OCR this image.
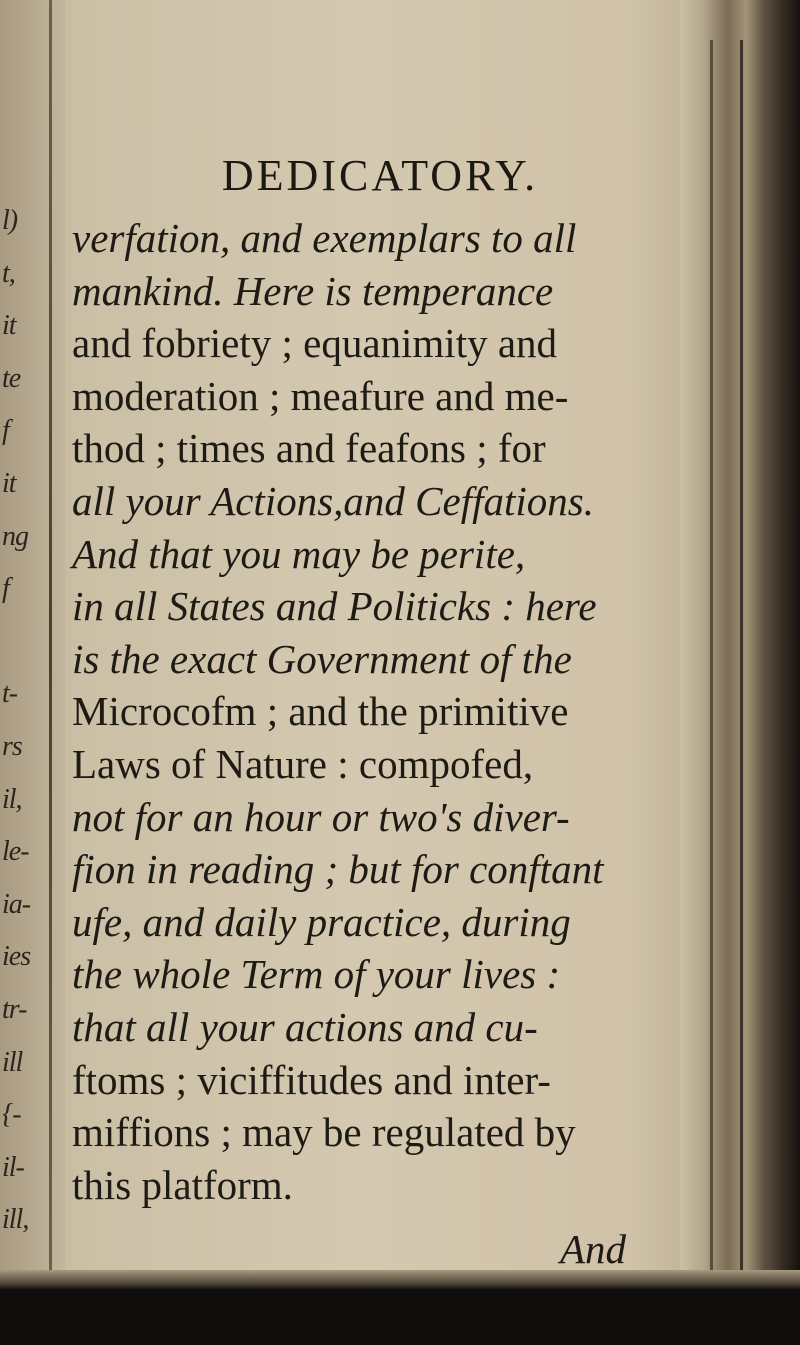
l)
t,
it
te
f
it
ng
f
t-
rs
il,
le-
ia-
ies
tr-
ill
{-
il-
ill,
DEDICATORY.
verfation, and exemplars to all
mankind. Here is temperance
and fobriety ; equanimity and
moderation ; meafure and me-
thod ; times and feafons ; for
all your Actions,and Ceffations.
And that you may be perite,
in all States and Politicks : here
is the exact Government of the
Microcofm ; and the primitive
Laws of Nature : compofed,
not for an hour or two's diver-
fion in reading ; but for conftant
ufe, and daily practice, during
the whole Term of your lives :
that all your actions and cu-
ftoms ; viciffitudes and inter-
miffions ; may be regulated by
this platform.
And
